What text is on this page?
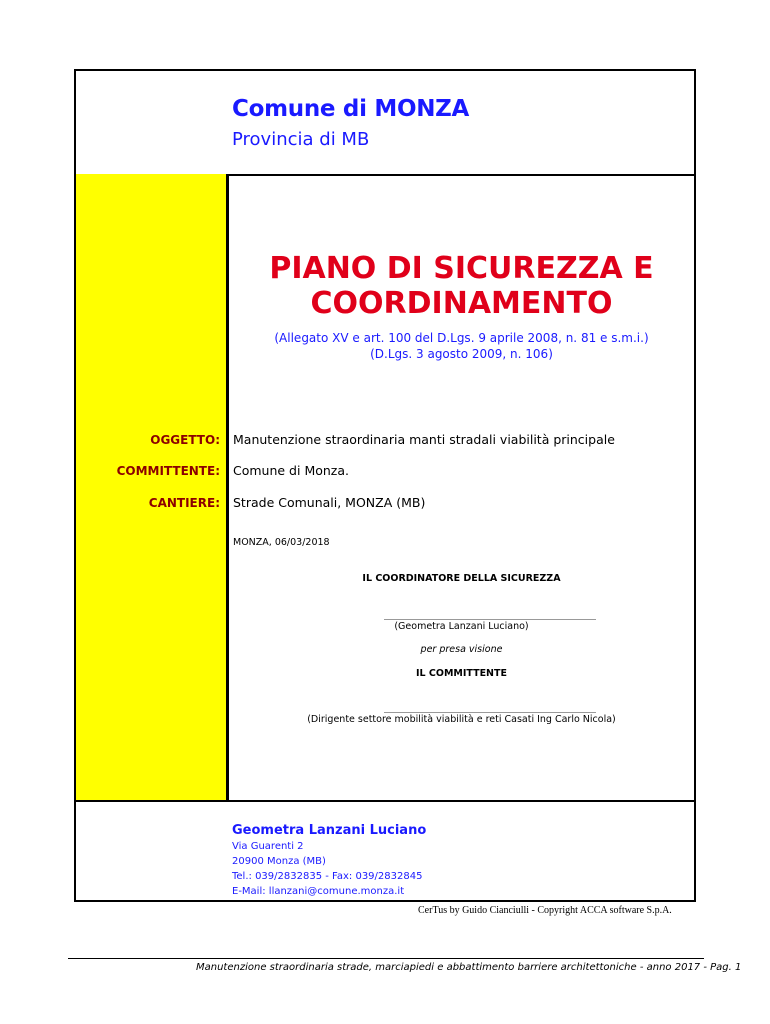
Comune di MONZA
Provincia di MB
PIANO DI SICUREZZA E
COORDINAMENTO
(Allegato XV e art. 100 del D.Lgs. 9 aprile 2008, n. 81 e s.m.i.)
(D.Lgs. 3 agosto 2009, n. 106)
OGGETTO: Manutenzione straordinaria manti stradali viabilità principale
COMMITTENTE: Comune di Monza.
CANTIERE: Strade Comunali, MONZA (MB)
MONZA, 06/03/2018
IL COORDINATORE DELLA SICUREZZA
(Geometra Lanzani Luciano)
per presa visione
IL COMMITTENTE
(Dirigente settore mobilità viabilità e reti Casati Ing Carlo Nicola)
Geometra Lanzani Luciano
Via Guarenti 2
20900 Monza (MB)
Tel.: 039/2832835 - Fax: 039/2832845
E-Mail: llanzani@comune.monza.it
CerTus by Guido Cianciulli - Copyright ACCA software S.p.A.
Manutenzione straordinaria strade, marciapiedi e abbattimento barriere architettoniche - anno 2017 - Pag. 1
